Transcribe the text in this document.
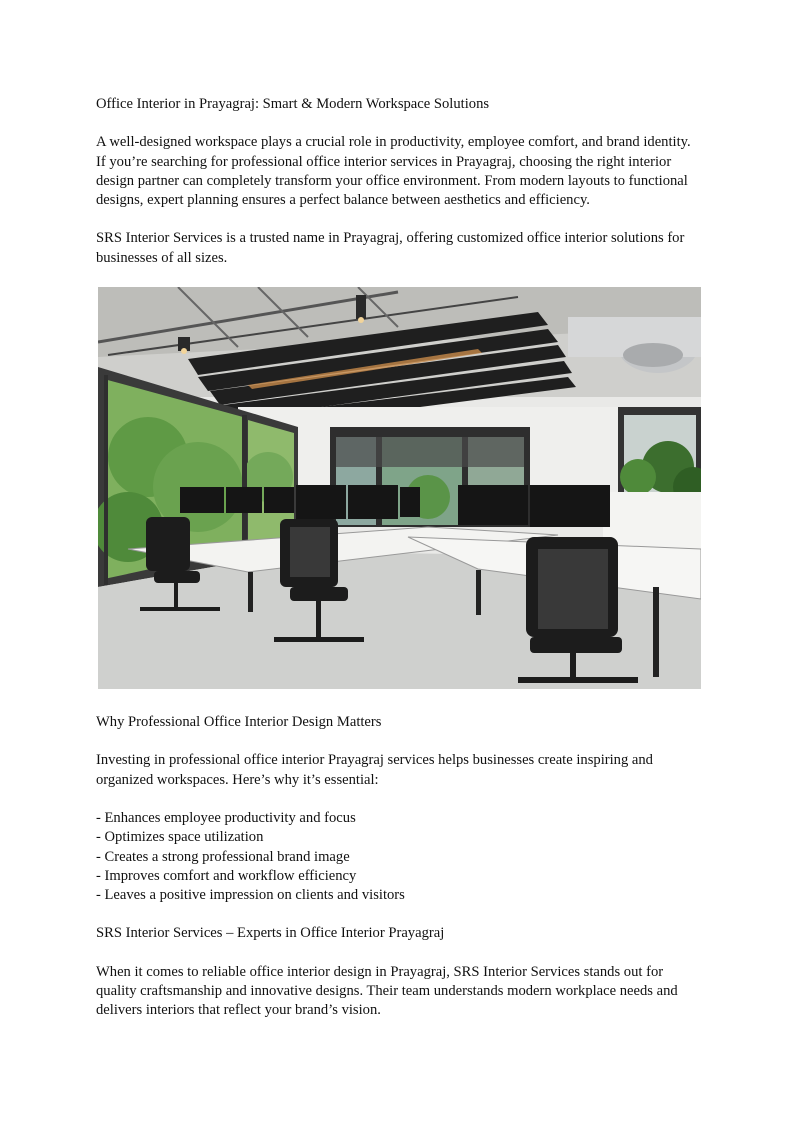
Office Interior in Prayagraj: Smart & Modern Workspace Solutions

A well-designed workspace plays a crucial role in productivity, employee comfort, and brand identity. If you’re searching for professional office interior services in Prayagraj, choosing the right interior design partner can completely transform your office environment. From modern layouts to functional designs, expert planning ensures a perfect balance between aesthetics and efficiency.

SRS Interior Services is a trusted name in Prayagraj, offering customized office interior solutions for businesses of all sizes.

Why Professional Office Interior Design Matters

Investing in professional office interior Prayagraj services helps businesses create inspiring and organized workspaces. Here’s why it’s essential:

- Enhances employee productivity and focus
- Optimizes space utilization
- Creates a strong professional brand image
- Improves comfort and workflow efficiency
- Leaves a positive impression on clients and visitors

SRS Interior Services – Experts in Office Interior Prayagraj

When it comes to reliable office interior design in Prayagraj, SRS Interior Services stands out for quality craftsmanship and innovative designs. Their team understands modern workplace needs and delivers interiors that reflect your brand’s vision.
